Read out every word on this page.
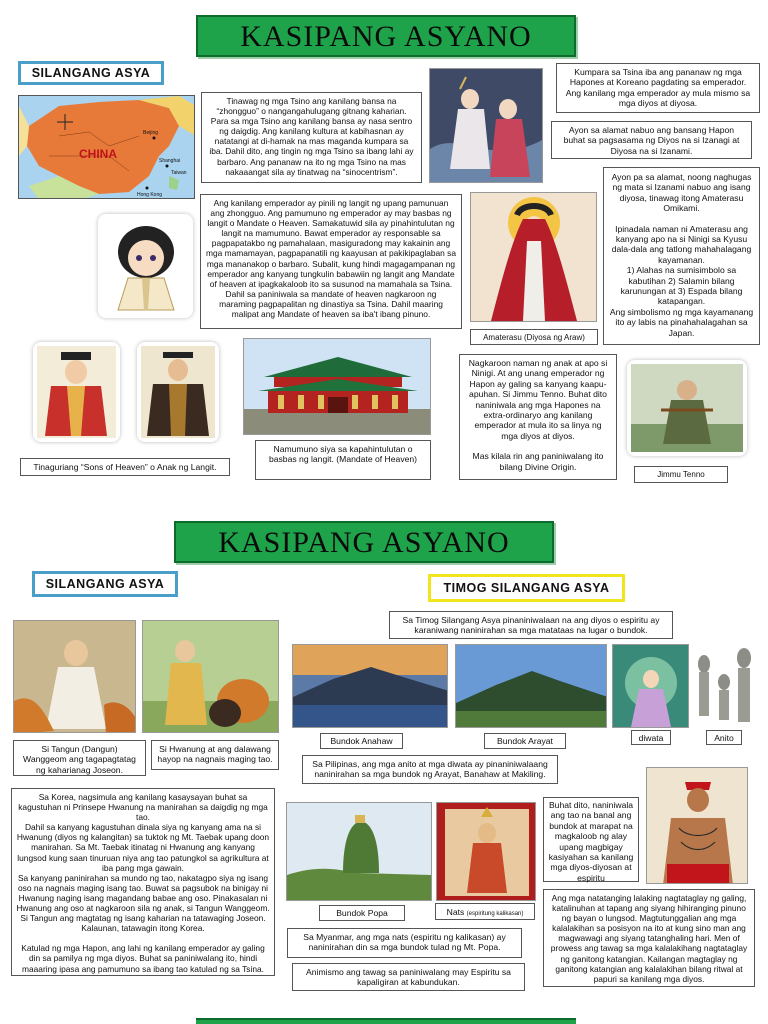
KASIPANG ASYANO
SILANGANG ASYA
CHINA
Beijing
Shanghai
Hong Kong
Taiwan

Tinawag ng mga Tsino ang kanilang bansa na “zhongguo” o nangangahulugang gitnang kaharian. Para sa mga Tsino ang kanilang bansa ay nasa sentro ng daigdig. Ang kanilang kultura at kabihasnan ay natatangi at di-hamak na mas maganda kumpara sa iba. Dahil dito, ang tingin ng mga Tsino sa ibang lahi ay barbaro. Ang pananaw na ito ng mga Tsino na mas nakaaangat sila ay tinatwag na “sinocentrism”.

Ang kanilang emperador ay pinili ng langit ng upang pamunuan ang zhongguo. Ang pamumuno ng emperador ay may basbas ng langit o Mandate o Heaven. Samakatuwid sila ay pinahintulutan ng langit na mamumuno. Bawat emperador ay responsable sa pagpapatakbo ng pamahalaan, masiguradong may kakainin ang mga mamamayan, pagpapanatili ng kaayusan at pakikipaglaban sa mga mananakop o barbaro. Subalit, kung hindi magagampanan ng emperador ang kanyang tungkulin babawiin ng langit ang Mandate of heaven at ipagkakaloob ito sa susunod na mamahala sa Tsina. Dahil sa paniniwala sa mandate of heaven nagkaroon ng maraming pagpapalitan ng dinastiya sa Tsina. Dahil maaring malipat ang Mandate of heaven sa iba't ibang pinuno.

Tinaguriang “Sons of Heaven” o Anak ng Langit.

Namumuno siya sa kapahintulutan o basbas ng langit. (Mandate of Heaven)

Kumpara sa Tsina iba ang pananaw ng mga Hapones at Koreano pagdating sa emperador. Ang kanilang mga emperador ay mula mismo sa mga diyos at diyosa.

Ayon sa alamat nabuo ang bansang Hapon buhat sa pagsasama ng Diyos na si Izanagi at Diyosa na si Izanami.

Amaterasu (Diyosa ng Araw)

Ayon pa sa alamat, noong naghugas ng mata si Izanami nabuo ang isang diyosa, tinawag itong Amaterasu Omikami.

Ipinadala naman ni Amaterasu ang kanyang apo na si Ninigi sa Kyusu dala-dala ang tatlong mahahalagang kayamanan.

1) Alahas na sumisimbolo sa kabutihan 2) Salamin bilang karunungan at 3) Espada bilang katapangan.

Ang simbolismo ng mga kayamanang ito ay labis na pinahahalagahan sa Japan.

Nagkaroon naman ng anak at apo si Ninigi. At ang unang emperador ng Hapon ay galing sa kanyang kaapu-apuhan. Si Jimmu Tenno. Buhat dito naniniwala ang mga Hapones na extra-ordinaryo ang kanilang emperador at mula ito sa linya ng mga diyos at diyos.

Mas kilala rin ang paniniwalang ito bilang Divine Origin.

Jimmu Tenno
KASIPANG ASYANO
SILANGANG ASYA	TIMOG SILANGANG ASYA

Si Tangun (Dangun) Wanggeom ang tagapagtatag ng kaharianag Joseon.

Si Hwanung at ang dalawang hayop na nagnais maging tao.

Sa Korea, nagsimula ang kanilang kasaysayan buhat sa kagustuhan ni Prinsepe Hwanung na manirahan sa daigdig ng mga tao.

Dahil sa kanyang kagustuhan dinala siya ng kanyang ama na si Hwanung (diyos ng kalangitan) sa tuktok ng Mt. Taebak upang doon manirahan. Sa Mt. Taebak itinatag ni Hwanung ang kanyang lungsod kung saan tinuruan niya ang tao patungkol sa agrikultura at iba pang mga gawain.

Sa kanyang paninirahan sa mundo ng tao, nakatagpo siya ng isang oso na nagnais maging isang tao. Buwat sa pagsubok na binigay ni Hwanung naging isang magandang babae ang oso. Pinakasalan ni Hwanung ang oso at nagkaroon sila ng anak, si Tangun Wanggeom. Si Tangun ang magtatag ng isang kaharian na tatawaging Joseon. Kalaunan, tatawagin itong Korea.

Katulad ng mga Hapon, ang lahi ng kanilang emperador ay galing din sa pamilya ng mga diyos. Buhat sa paniniwalang ito, hindi maaaring ipasa ang pamumuno sa ibang tao katulad ng sa Tsina.

Sa Timog Silangang Asya pinaniniwalaan na ang diyos o espiritu ay karaniwang naninirahan sa mga matataas na lugar o bundok.

Bundok Anahaw	Bundok Arayat	diwata	Anito

Sa Pilipinas, ang mga anito at mga diwata ay pinaniniwalaang naninirahan sa mga bundok ng Arayat, Banahaw at Makiling.

Buhat dito, naniniwala ang tao na banal ang bundok at marapat na magkaloob ng alay upang magbigay kasiyahan sa kanilang mga diyos-diyosan at espiritu

Bundok Popa	Nats (espiritung kalikasan)

Ang mga natatanging lalaking nagtataglay ng galing, katalinuhan at tapang ang siyang hihiranging pinuno ng bayan o lungsod. Magtutunggalian ang mga kalalakihan sa posisyon na ito at kung sino man ang magwawagi ang siyang tatanghaling hari. Men of prowess ang tawag sa mga kalalakihang nagtataglay ng ganitong katangian. Kailangan magtaglay ng ganitong katangian ang kalalakihan bilang ritwal at papuri sa kanilang mga diyos.

Sa Myanmar, ang mga nats (espiritu ng kalikasan) ay naninirahan din sa mga bundok tulad ng Mt. Popa.

Animismo ang tawag sa paniniwalang may Espiritu sa kapaligiran at kabundukan.
